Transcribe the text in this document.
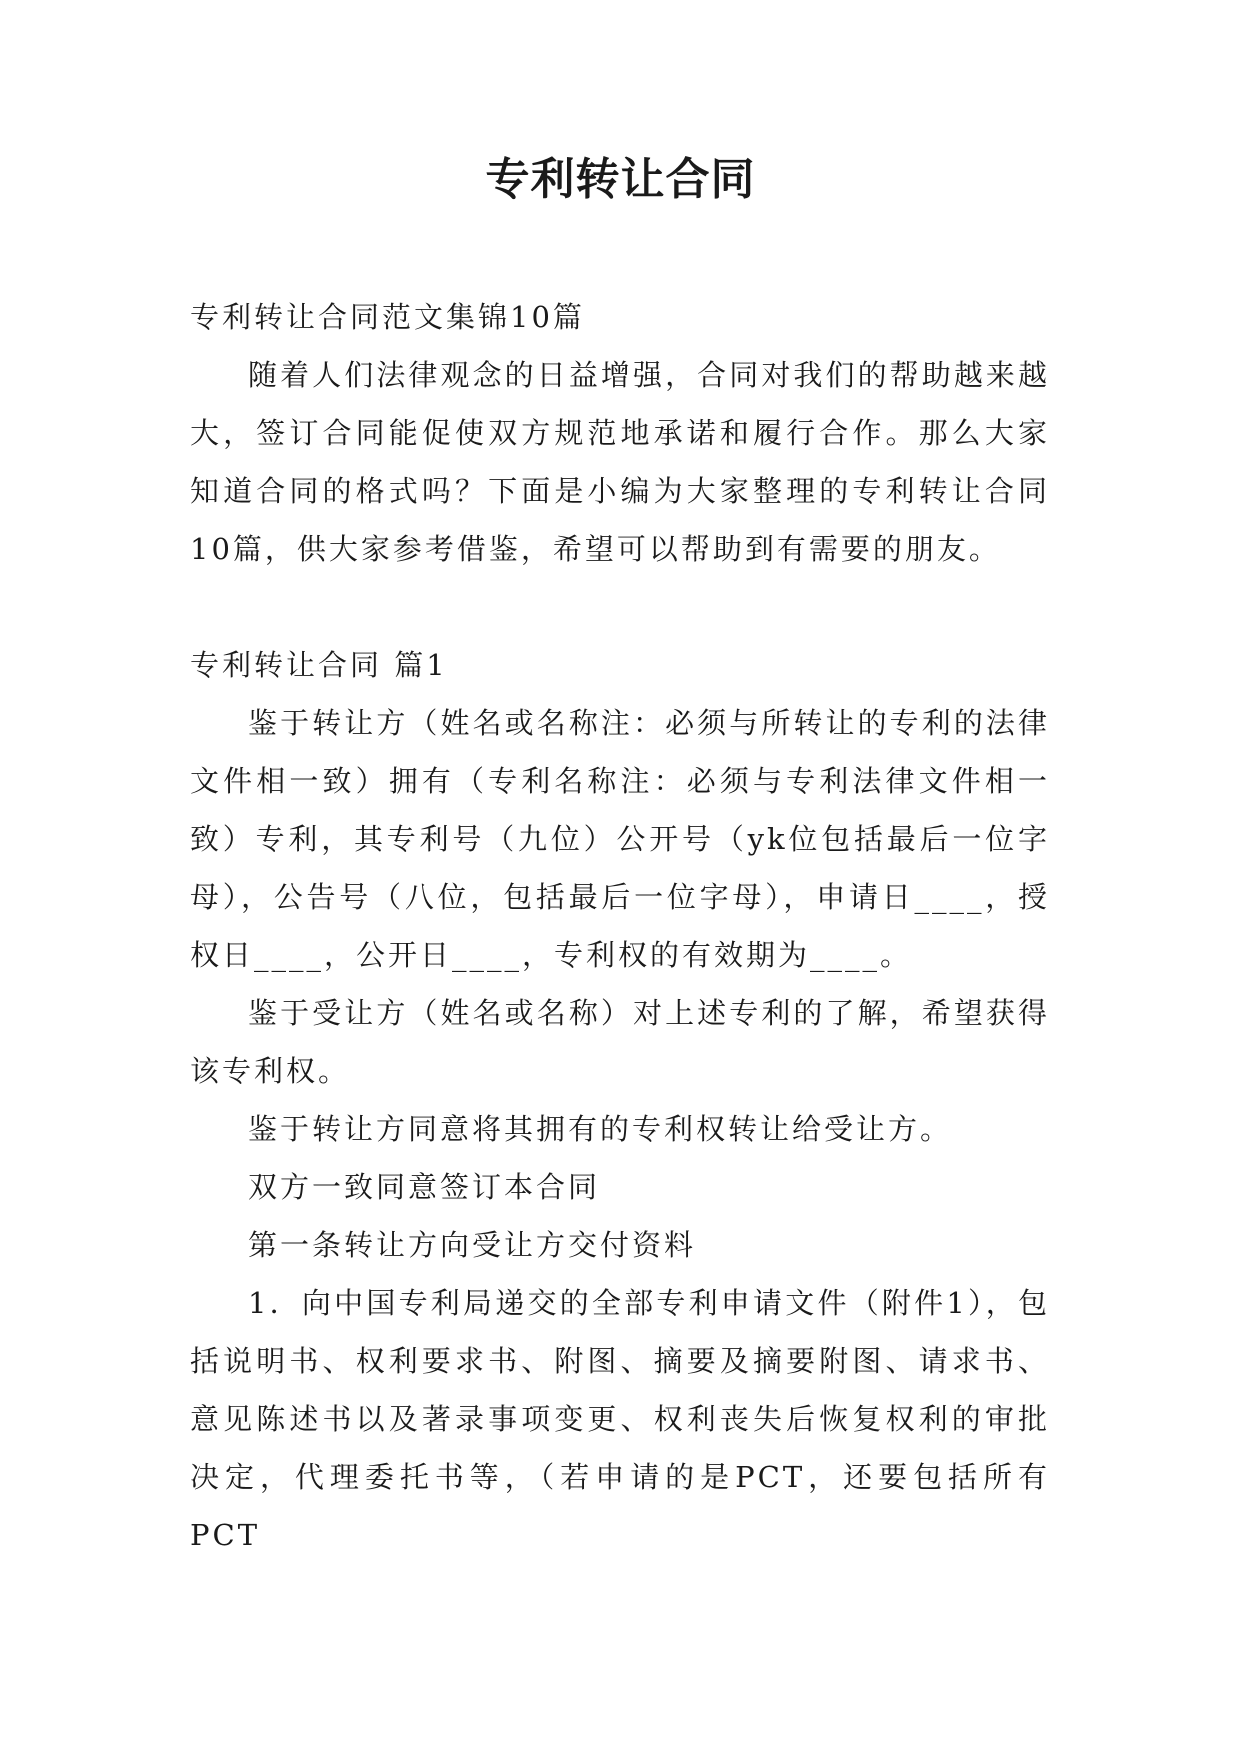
专利转让合同

专利转让合同范文集锦10篇

随着人们法律观念的日益增强，合同对我们的帮助越来越大，签订合同能促使双方规范地承诺和履行合作。那么大家知道合同的格式吗？下面是小编为大家整理的专利转让合同10篇，供大家参考借鉴，希望可以帮助到有需要的朋友。

专利转让合同 篇1

鉴于转让方（姓名或名称注：必须与所转让的专利的法律文件相一致）拥有（专利名称注：必须与专利法律文件相一致）专利，其专利号（九位）公开号（yk位包括最后一位字母），公告号（八位，包括最后一位字母），申请日____，授权日____，公开日____，专利权的有效期为____。

鉴于受让方（姓名或名称）对上述专利的了解，希望获得该专利权。

鉴于转让方同意将其拥有的专利权转让给受让方。

双方一致同意签订本合同

第一条转让方向受让方交付资料

1．向中国专利局递交的全部专利申请文件（附件1），包括说明书、权利要求书、附图、摘要及摘要附图、请求书、意见陈述书以及著录事项变更、权利丧失后恢复权利的审批决定，代理委托书等，（若申请的是PCT，还要包括所有PCT
